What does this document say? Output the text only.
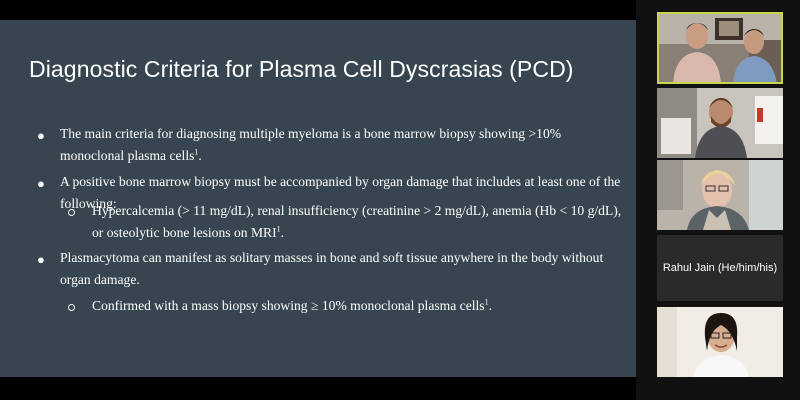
Diagnostic Criteria for Plasma Cell Dyscrasias (PCD)
● The main criteria for diagnosing multiple myeloma is a bone marrow biopsy showing >10%
monoclonal plasma cells$^1$.
● A positive bone marrow biopsy must be accompanied by organ damage that includes at least one of the
following:
Hypercalcemia (> 11 mg/dL), renal insufficiency (creatinine > 2 mg/dL), anemia (Hb < 10 g/dL),
or osteolytic bone lesions on MRI$^1$.
● Plasmacytoma can manifest as solitary masses in bone and soft tissue anywhere in the body without
organ damage.
Confirmed with a mass biopsy showing ≥ 10% monoclonal plasma cells$^1$.
Rahul Jain (He/him/his)
